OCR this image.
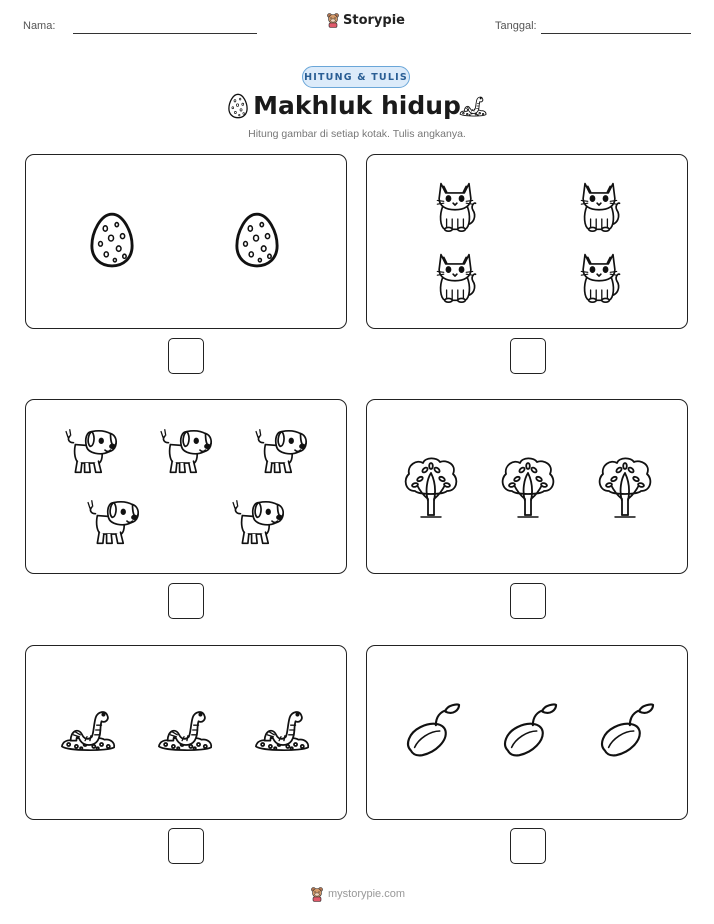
Nama:	Storypie	Tanggal:
HITUNG & TULIS
Makhluk hidup
Hitung gambar di setiap kotak. Tulis angkanya.
mystorypie.com
